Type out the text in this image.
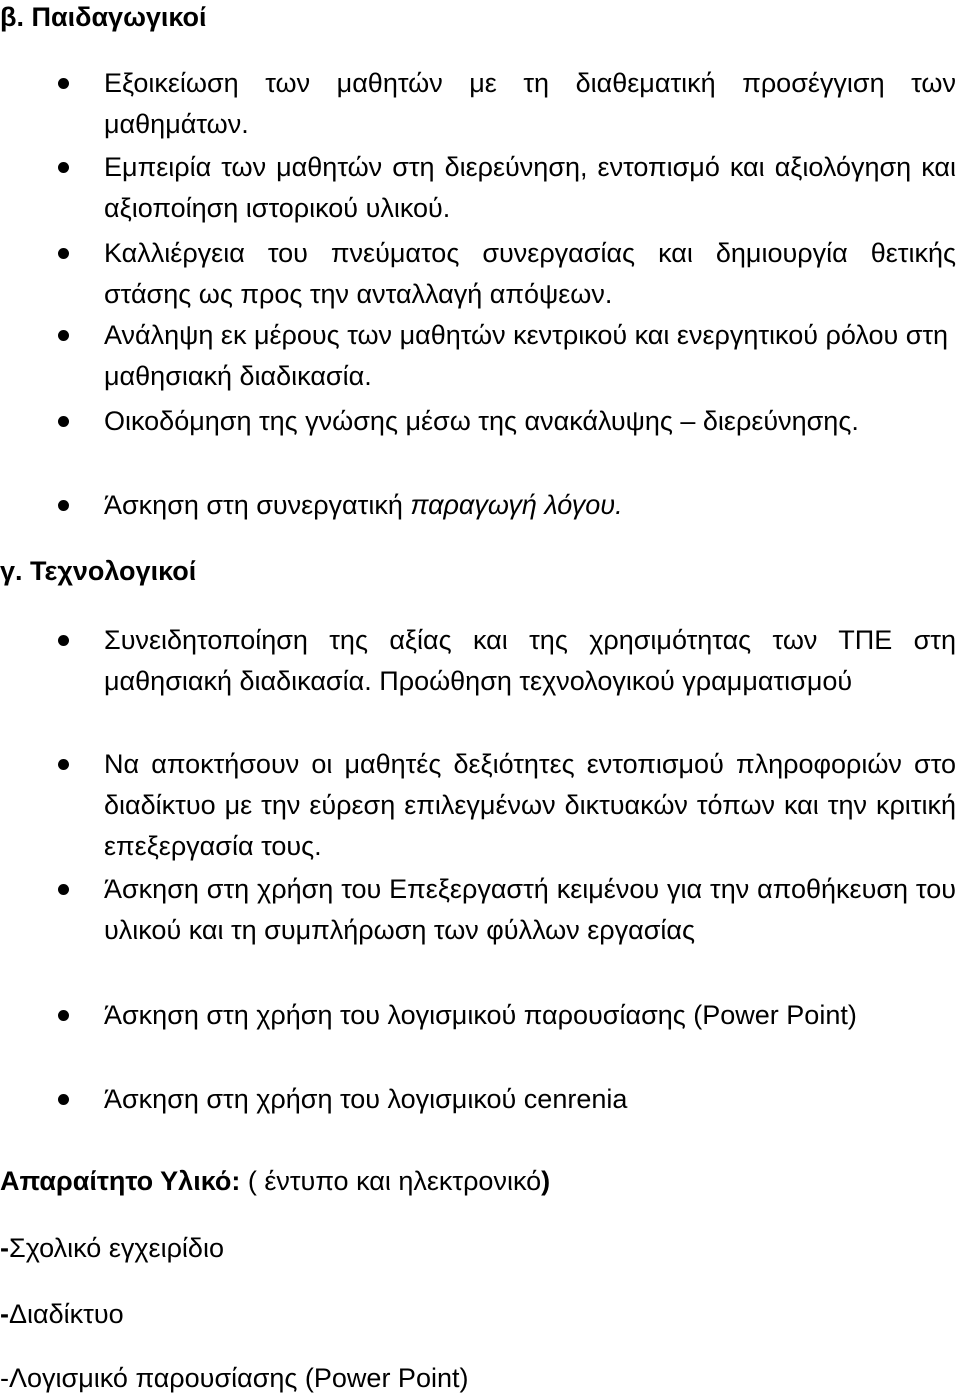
β. Παιδαγωγικοί
Εξοικείωση των μαθητών με τη διαθεματική προσέγγιση των μαθημάτων.
Εμπειρία των μαθητών στη διερεύνηση, εντοπισμό και αξιολόγηση και αξιοποίηση ιστορικού υλικού.
Καλλιέργεια του πνεύματος συνεργασίας και δημιουργία θετικής στάσης ως προς την ανταλλαγή απόψεων.
Ανάληψη εκ μέρους των μαθητών κεντρικού και ενεργητικού ρόλου στη μαθησιακή διαδικασία.
Οικοδόμηση της γνώσης μέσω της ανακάλυψης – διερεύνησης.
Άσκηση στη συνεργατική παραγωγή λόγου.
γ. Τεχνολογικοί
Συνειδητοποίηση της αξίας και της χρησιμότητας των ΤΠΕ στη μαθησιακή διαδικασία. Προώθηση τεχνολογικού γραμματισμού
Να αποκτήσουν οι μαθητές δεξιότητες εντοπισμού πληροφοριών στο διαδίκτυο με την εύρεση επιλεγμένων δικτυακών τόπων και την κριτική επεξεργασία τους.
Άσκηση στη χρήση του Επεξεργαστή κειμένου για την αποθήκευση του υλικού και τη συμπλήρωση των φύλλων εργασίας
Άσκηση στη χρήση του λογισμικού παρουσίασης (Power Point)
Άσκηση στη χρήση του λογισμικού cenrenia
Απαραίτητο Υλικό: ( έντυπο και ηλεκτρονικό)
-Σχολικό εγχειρίδιο
-Διαδίκτυο
-Λογισμικό παρουσίασης (Power Point)
